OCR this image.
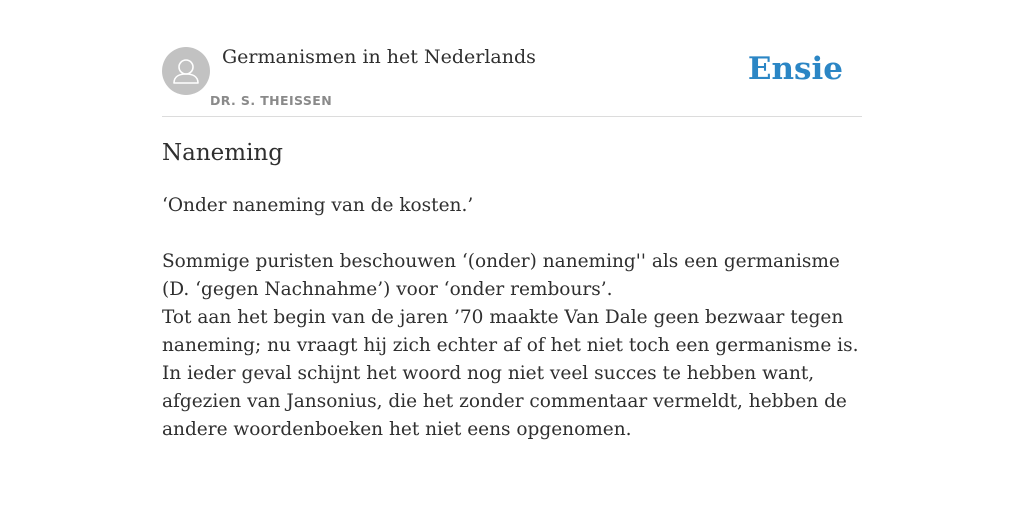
Germanismen in het Nederlands
DR. S. THEISSEN
Ensie
Naneming

‘Onder naneming van de kosten.’

Sommige puristen beschouwen ‘(onder) naneming'' als een germanisme (D. ‘gegen Nachnahme’) voor ‘onder rembours’.

Tot aan het begin van de jaren ’70 maakte Van Dale geen bezwaar tegen naneming; nu vraagt hij zich echter af of het niet toch een germanisme is. In ieder geval schijnt het woord nog niet veel succes te hebben want, afgezien van Jansonius, die het zonder commentaar vermeldt, hebben de andere woordenboeken het niet eens opgenomen.
